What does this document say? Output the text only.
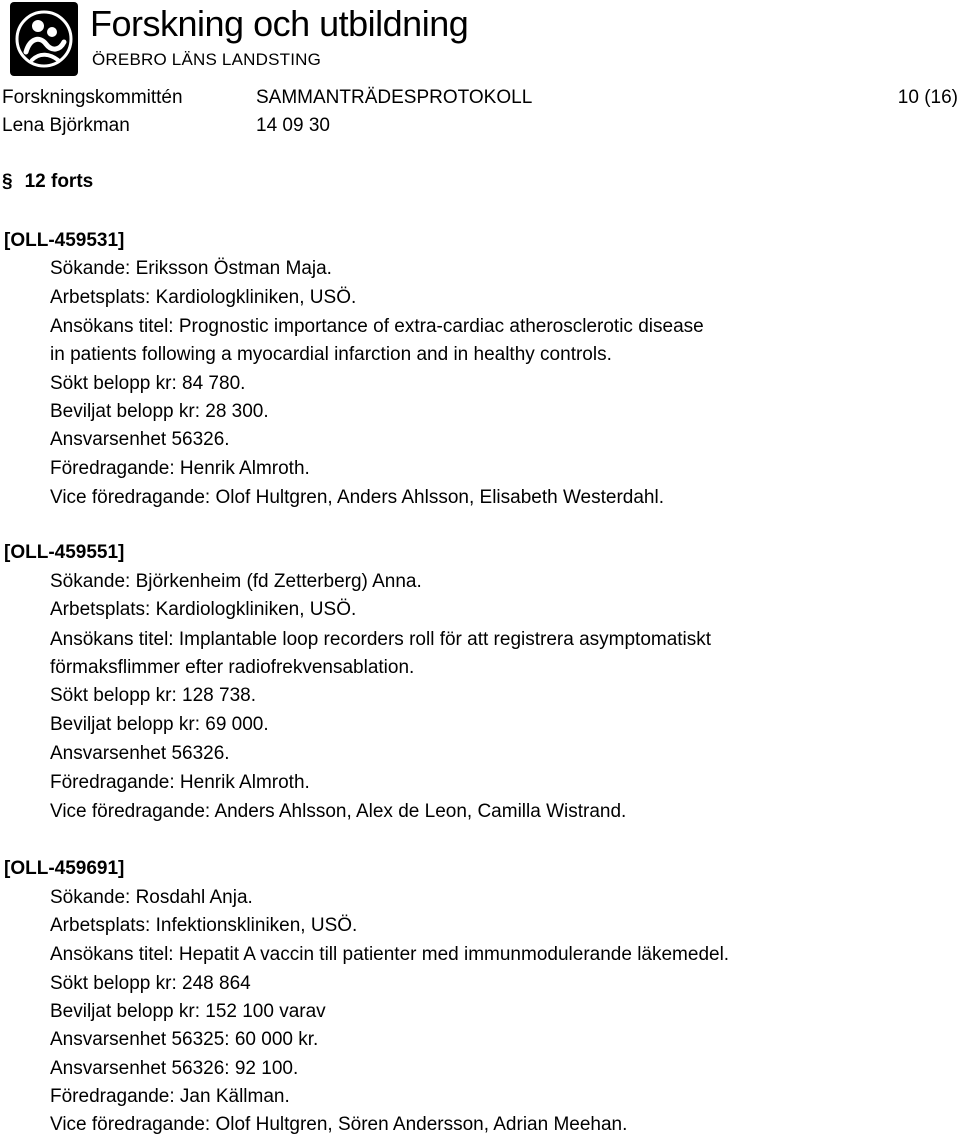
Forskning och utbildning
ÖREBRO LÄNS LANDSTING
Forskningskommittén	SAMMANTRÄDESPROTOKOLL	10 (16)
Lena Björkman	14 09 30
§ 12 forts
[OLL-459531]
Sökande: Eriksson Östman Maja.
Arbetsplats: Kardiologkliniken, USÖ.
Ansökans titel: Prognostic importance of extra-cardiac atherosclerotic disease
in patients following a myocardial infarction and in healthy controls.
Sökt belopp kr: 84 780.
Beviljat belopp kr: 28 300.
Ansvarsenhet 56326.
Föredragande: Henrik Almroth.
Vice föredragande: Olof Hultgren, Anders Ahlsson, Elisabeth Westerdahl.
[OLL-459551]
Sökande: Björkenheim (fd Zetterberg) Anna.
Arbetsplats: Kardiologkliniken, USÖ.
Ansökans titel: Implantable loop recorders roll för att registrera asymptomatiskt
förmaksflimmer efter radiofrekvensablation.
Sökt belopp kr: 128 738.
Beviljat belopp kr: 69 000.
Ansvarsenhet 56326.
Föredragande: Henrik Almroth.
Vice föredragande: Anders Ahlsson, Alex de Leon, Camilla Wistrand.
[OLL-459691]
Sökande: Rosdahl Anja.
Arbetsplats: Infektionskliniken, USÖ.
Ansökans titel: Hepatit A vaccin till patienter med immunmodulerande läkemedel.
Sökt belopp kr: 248 864
Beviljat belopp kr: 152 100 varav
Ansvarsenhet 56325: 60 000 kr.
Ansvarsenhet 56326: 92 100.
Föredragande: Jan Källman.
Vice föredragande: Olof Hultgren, Sören Andersson, Adrian Meehan.
